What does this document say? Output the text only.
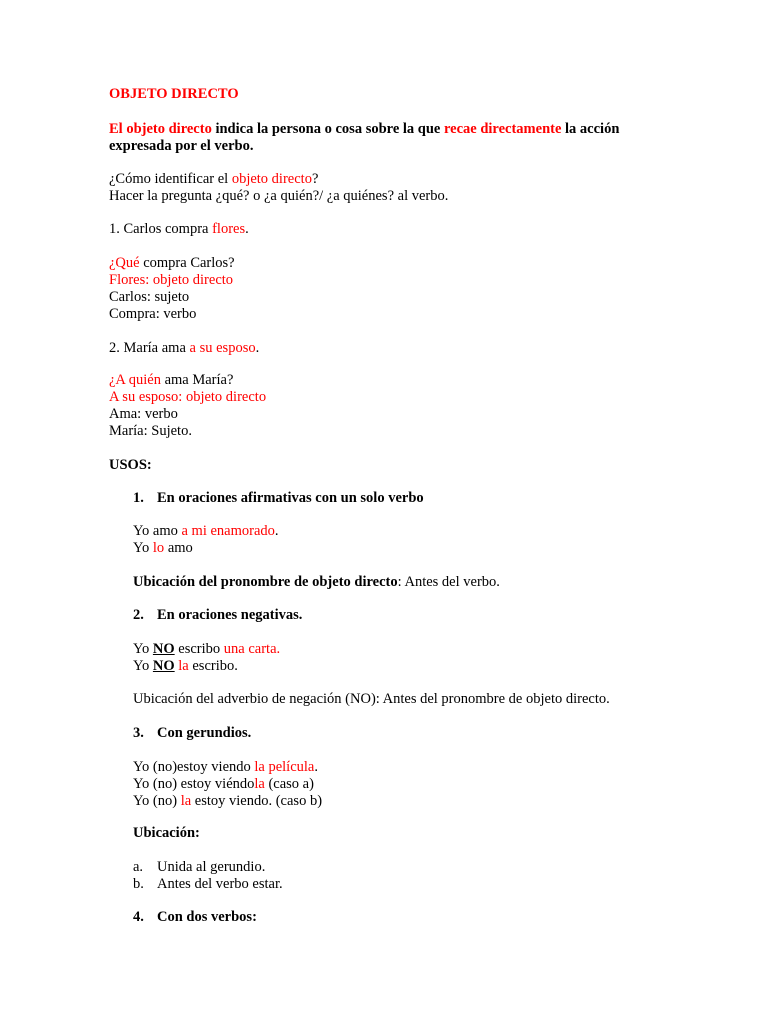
OBJETO DIRECTO
El objeto directo indica la persona o cosa sobre la que recae directamente la acción
expresada por el verbo.
¿Cómo identificar el objeto directo?
Hacer la pregunta ¿qué? o ¿a quién?/ ¿a quiénes? al verbo.
1. Carlos compra flores.
¿Qué compra Carlos?
Flores: objeto directo
Carlos: sujeto
Compra: verbo
2. María ama a su esposo.
¿A quién ama María?
A su esposo: objeto directo
Ama: verbo
María: Sujeto.
USOS:
1. En oraciones afirmativas con un solo verbo
Yo amo a mi enamorado.
Yo lo amo
Ubicación del pronombre de objeto directo: Antes del verbo.
2. En oraciones negativas.
Yo NO escribo una carta.
Yo NO la escribo.
Ubicación del adverbio de negación (NO): Antes del pronombre de objeto directo.
3. Con gerundios.
Yo (no)estoy viendo la película.
Yo (no) estoy viéndola (caso a)
Yo (no) la estoy viendo. (caso b)
Ubicación:
a. Unida al gerundio.
b. Antes del verbo estar.
4. Con dos verbos:
